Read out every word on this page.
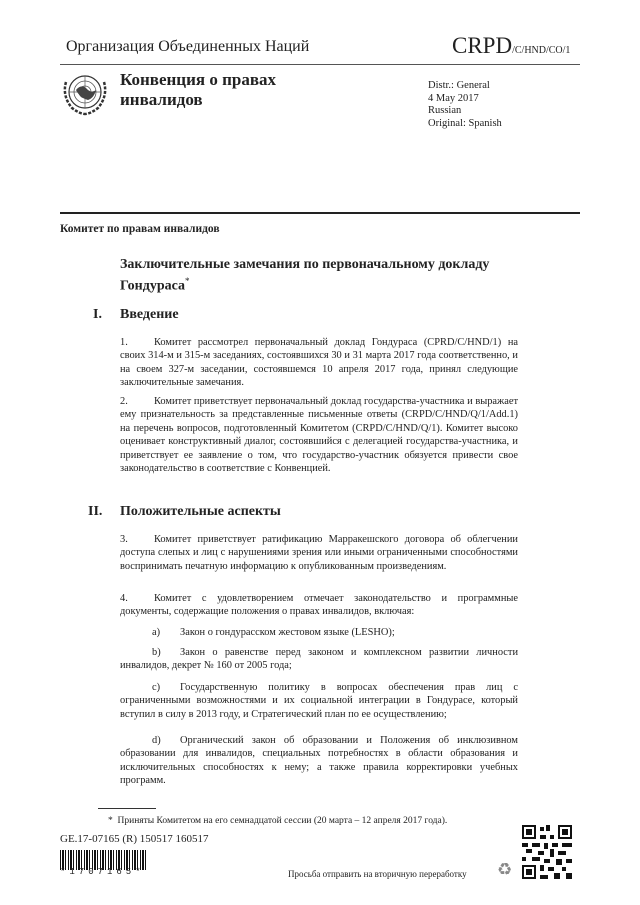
Организация Объединенных Наций	CRPD/C/HND/CO/1
Конвенция о правах инвалидов
Distr.: General
4 May 2017
Russian
Original: Spanish
Комитет по правам инвалидов
Заключительные замечания по первоначальному докладу Гондураса*
I. Введение
1.	Комитет рассмотрел первоначальный доклад Гондураса (CPRD/C/HND/1) на своих 314-м и 315-м заседаниях, состоявшихся 30 и 31 марта 2017 года соответственно, и на своем 327-м заседании, состоявшемся 10 апреля 2017 года, принял следующие заключительные замечания.
2.	Комитет приветствует первоначальный доклад государства-участника и выражает ему признательность за представленные письменные ответы (CRPD/C/HND/Q/1/Add.1) на перечень вопросов, подготовленный Комитетом (CRPD/C/HND/Q/1). Комитет высоко оценивает конструктивный диалог, состоявшийся с делегацией государства-участника, и приветствует ее заявление о том, что государство-участник обязуется привести свое законодательство в соответствие с Конвенцией.
II. Положительные аспекты
3.	Комитет приветствует ратификацию Марракешского договора об облегчении доступа слепых и лиц с нарушениями зрения или иными ограниченными способностями воспринимать печатную информацию к опубликованным произведениям.
4.	Комитет с удовлетворением отмечает законодательство и программные документы, содержащие положения о правах инвалидов, включая:
a) Закон о гондурасском жестовом языке (LESHO);
b) Закон о равенстве перед законом и комплексном развитии личности инвалидов, декрет № 160 от 2005 года;
c) Государственную политику в вопросах обеспечения прав лиц с ограниченными возможностями и их социальной интеграции в Гондурасе, который вступил в силу в 2013 году, и Стратегический план по ее осуществлению;
d) Органический закон об образовании и Положения об инклюзивном образовании для инвалидов, специальных потребностях в области образования и исключительных способностях к нему; а также правила корректировки учебных программ.
* Приняты Комитетом на его семнадцатой сессии (20 марта – 12 апреля 2017 года).
GE.17-07165 (R) 150517 160517
*1707165*	Просьба отправить на вторичную переработку ♻
